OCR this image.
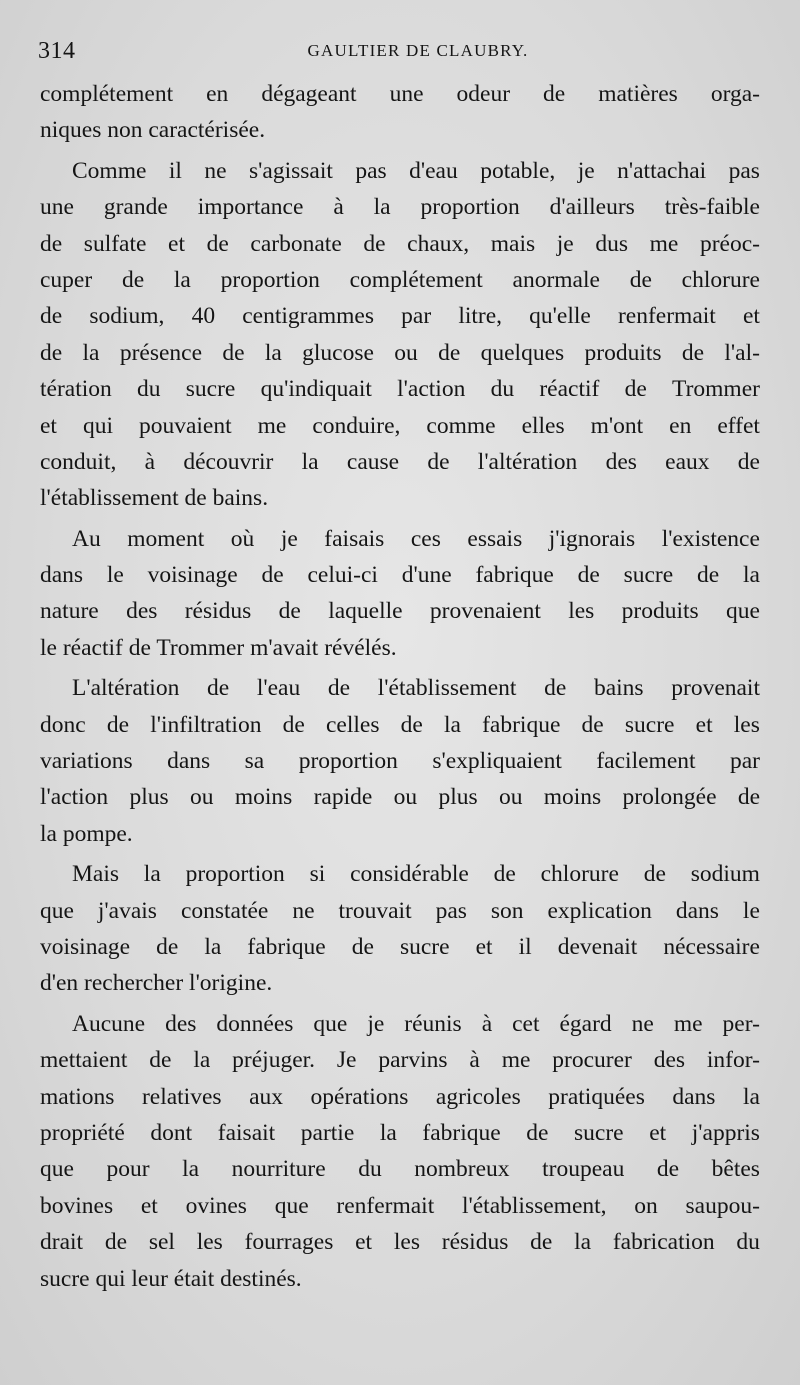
314	GAULTIER DE CLAUBRY.
complétement en dégageant une odeur de matières orga-
niques non caractérisée.
Comme il ne s'agissait pas d'eau potable, je n'attachai pas
une grande importance à la proportion d'ailleurs très-faible
de sulfate et de carbonate de chaux, mais je dus me préoc-
cuper de la proportion complétement anormale de chlorure
de sodium, 40 centigrammes par litre, qu'elle renfermait et
de la présence de la glucose ou de quelques produits de l'al-
tération du sucre qu'indiquait l'action du réactif de Trommer
et qui pouvaient me conduire, comme elles m'ont en effet
conduit, à découvrir la cause de l'altération des eaux de
l'établissement de bains.
Au moment où je faisais ces essais j'ignorais l'existence
dans le voisinage de celui-ci d'une fabrique de sucre de la
nature des résidus de laquelle provenaient les produits que
le réactif de Trommer m'avait révélés.
L'altération de l'eau de l'établissement de bains provenait
donc de l'infiltration de celles de la fabrique de sucre et les
variations dans sa proportion s'expliquaient facilement par
l'action plus ou moins rapide ou plus ou moins prolongée de
la pompe.
Mais la proportion si considérable de chlorure de sodium
que j'avais constatée ne trouvait pas son explication dans le
voisinage de la fabrique de sucre et il devenait nécessaire
d'en rechercher l'origine.
Aucune des données que je réunis à cet égard ne me per-
mettaient de la préjuger. Je parvins à me procurer des infor-
mations relatives aux opérations agricoles pratiquées dans la
propriété dont faisait partie la fabrique de sucre et j'appris
que pour la nourriture du nombreux troupeau de bêtes
bovines et ovines que renfermait l'établissement, on saupou-
drait de sel les fourrages et les résidus de la fabrication du
sucre qui leur était destinés.
